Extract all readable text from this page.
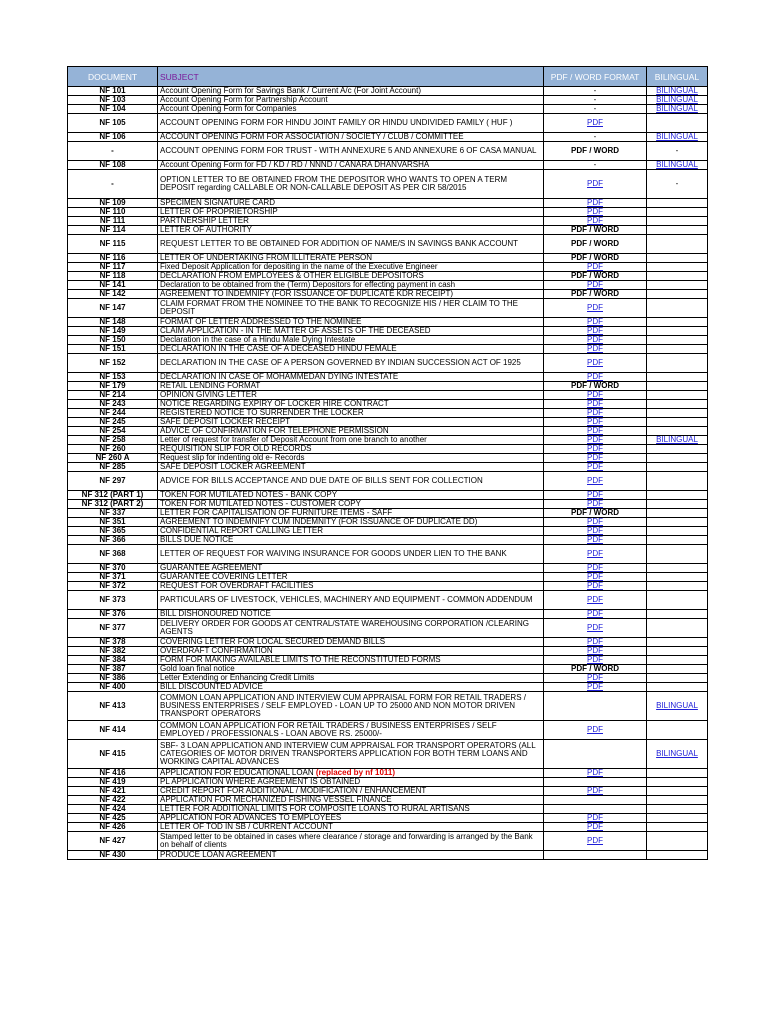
DOCUMENT	SUBJECT	PDF / WORD FORMAT	BILINGUAL
NF 101	Account Opening Form for Savings Bank / Current A/c (For Joint Account)	-	BILINGUAL
NF 103	Account Opening Form for Partnership Account	-	BILINGUAL
NF 104	Account Opening Form for Companies	-	BILINGUAL
NF 105	ACCOUNT OPENING FORM FOR HINDU JOINT FAMILY OR HINDU UNDIVIDED FAMILY ( HUF )	PDF	
NF 106	ACCOUNT OPENING FORM FOR ASSOCIATION / SOCIETY / CLUB / COMMITTEE	-	BILINGUAL
-	ACCOUNT OPENING FORM FOR TRUST - WITH ANNEXURE 5 AND ANNEXURE 6 OF CASA MANUAL	PDF / WORD	-
NF 108	Account Opening Form for FD / KD / RD / NNND / CANARA DHANVARSHA	-	BILINGUAL
-	OPTION LETTER TO BE OBTAINED FROM THE DEPOSITOR WHO WANTS TO OPEN A TERM DEPOSIT regarding CALLABLE OR NON-CALLABLE DEPOSIT AS PER CIR 58/2015	PDF	-
NF 109	SPECIMEN SIGNATURE CARD	PDF	
NF 110	LETTER OF PROPRIETORSHIP	PDF	
NF 111	PARTNERSHIP LETTER	PDF	
NF 114	LETTER OF AUTHORITY	PDF / WORD	
NF 115	REQUEST LETTER TO BE OBTAINED FOR ADDITION OF NAME/S IN SAVINGS BANK ACCOUNT	PDF / WORD	
NF 116	LETTER OF UNDERTAKING FROM ILLITERATE PERSON	PDF / WORD	
NF 117	Fixed Deposit Application for depositing in the name of the Executive Engineer	PDF	
NF 118	DECLARATION FROM EMPLOYEES & OTHER ELIGIBLE DEPOSITORS	PDF / WORD	
NF 141	Declaration to be obtained from the (Term) Depositors for effecting payment in cash	PDF	
NF 142	AGREEMENT TO INDEMNIFY (FOR ISSUANCE OF DUPLICATE KDR RECEIPT)	PDF / WORD	
NF 147	CLAIM FORMAT FROM THE NOMINEE TO THE BANK TO RECOGNIZE HIS / HER CLAIM TO THE DEPOSIT	PDF	
NF 148	FORMAT OF LETTER ADDRESSED TO THE NOMINEE	PDF	
NF 149	CLAIM APPLICATION - IN THE MATTER OF ASSETS OF THE DECEASED	PDF	
NF 150	Declaration in the case of a Hindu Male Dying Intestate	PDF	
NF 151	DECLARATION IN THE CASE OF A DECEASED HINDU FEMALE	PDF	
NF 152	DECLARATION IN THE CASE OF A PERSON GOVERNED BY INDIAN SUCCESSION ACT OF 1925	PDF	
NF 153	DECLARATION IN CASE OF MOHAMMEDAN DYING INTESTATE	PDF	
NF 179	RETAIL LENDING FORMAT	PDF / WORD	
NF 214	OPINION GIVING LETTER	PDF	
NF 243	NOTICE REGARDING EXPIRY OF LOCKER HIRE CONTRACT	PDF	
NF 244	REGISTERED NOTICE TO SURRENDER THE LOCKER	PDF	
NF 245	SAFE DEPOSIT LOCKER RECEIPT	PDF	
NF 254	ADVICE OF CONFIRMATION FOR TELEPHONE PERMISSION	PDF	
NF 258	Letter of request for transfer of Deposit Account from one branch to another	PDF	BILINGUAL
NF 260	REQUISITION SLIP FOR OLD RECORDS	PDF	
NF 260 A	Request slip for indenting old e- Records	PDF	
NF 285	SAFE DEPOSIT LOCKER AGREEMENT	PDF	
NF 297	ADVICE FOR BILLS ACCEPTANCE AND DUE DATE OF BILLS SENT FOR COLLECTION	PDF	
NF 312 (PART 1)	TOKEN FOR MUTILATED NOTES - BANK COPY	PDF	
NF 312 (PART 2)	TOKEN FOR MUTILATED NOTES - CUSTOMER COPY	PDF	
NF 337	LETTER FOR CAPITALISATION OF FURNITURE ITEMS - SAFF	PDF / WORD	
NF 351	AGREEMENT TO INDEMNIFY CUM INDEMNITY (FOR ISSUANCE OF DUPLICATE DD)	PDF	
NF 365	CONFIDENTIAL REPORT CALLING LETTER	PDF	
NF 366	BILLS DUE NOTICE	PDF	
NF 368	LETTER OF REQUEST FOR WAIVING INSURANCE FOR GOODS UNDER LIEN TO THE BANK	PDF	
NF 370	GUARANTEE AGREEMENT	PDF	
NF 371	GUARANTEE COVERING LETTER	PDF	
NF 372	REQUEST FOR OVERDRAFT FACILITIES	PDF	
NF 373	PARTICULARS OF LIVESTOCK, VEHICLES, MACHINERY AND EQUIPMENT - COMMON ADDENDUM	PDF	
NF 376	BILL DISHONOURED NOTICE	PDF	
NF 377	DELIVERY ORDER FOR GOODS AT CENTRAL/STATE WAREHOUSING CORPORATION /CLEARING AGENTS	PDF	
NF 378	COVERING LETTER FOR LOCAL SECURED DEMAND BILLS	PDF	
NF 382	OVERDRAFT CONFIRMATION	PDF	
NF 384	FORM FOR MAKING AVAILABLE LIMITS TO THE RECONSTITUTED FORMS	PDF	
NF 387	Gold loan final notice	PDF / WORD	
NF 386	Letter Extending or Enhancing Credit Limits	PDF	
NF 400	BILL DISCOUNTED ADVICE	PDF	
NF 413	COMMON LOAN APPLICATION AND INTERVIEW CUM APPRAISAL FORM FOR RETAIL TRADERS / BUSINESS ENTERPRISES / SELF EMPLOYED - LOAN UP TO 25000 AND NON MOTOR DRIVEN TRANSPORT OPERATORS		BILINGUAL
NF 414	COMMON LOAN APPLICATION FOR RETAIL TRADERS / BUSINESS ENTERPRISES / SELF EMPLOYED / PROFESSIONALS - LOAN ABOVE RS. 25000/-	PDF	
NF 415	SBF- 3 LOAN APPLICATION AND INTERVIEW CUM APPRAISAL FOR TRANSPORT OPERATORS (ALL CATEGORIES OF MOTOR DRIVEN TRANSPORTERS APPLICATION FOR BOTH TERM LOANS AND WORKING CAPITAL ADVANCES		BILINGUAL
NF 416	APPLICATION FOR EDUCATIONAL LOAN (replaced by nf 1011)	PDF	
NF 419	PL APPLICATION WHERE AGREEMENT IS OBTAINED		
NF 421	CREDIT REPORT FOR ADDITIONAL / MODIFICATION / ENHANCEMENT	PDF	
NF 422	APPLICATION FOR MECHANIZED FISHING VESSEL FINANCE		
NF 424	LETTER FOR ADDITIONAL LIMITS FOR COMPOSITE LOANS TO RURAL ARTISANS		
NF 425	APPLICATION FOR ADVANCES TO EMPLOYEES	PDF	
NF 426	LETTER OF TOD IN SB / CURRENT ACCOUNT	PDF	
NF 427	Stamped letter to be obtained in cases where clearance / storage and forwarding is arranged by the Bank on behalf of clients	PDF	
NF 430	PRODUCE LOAN AGREEMENT		
